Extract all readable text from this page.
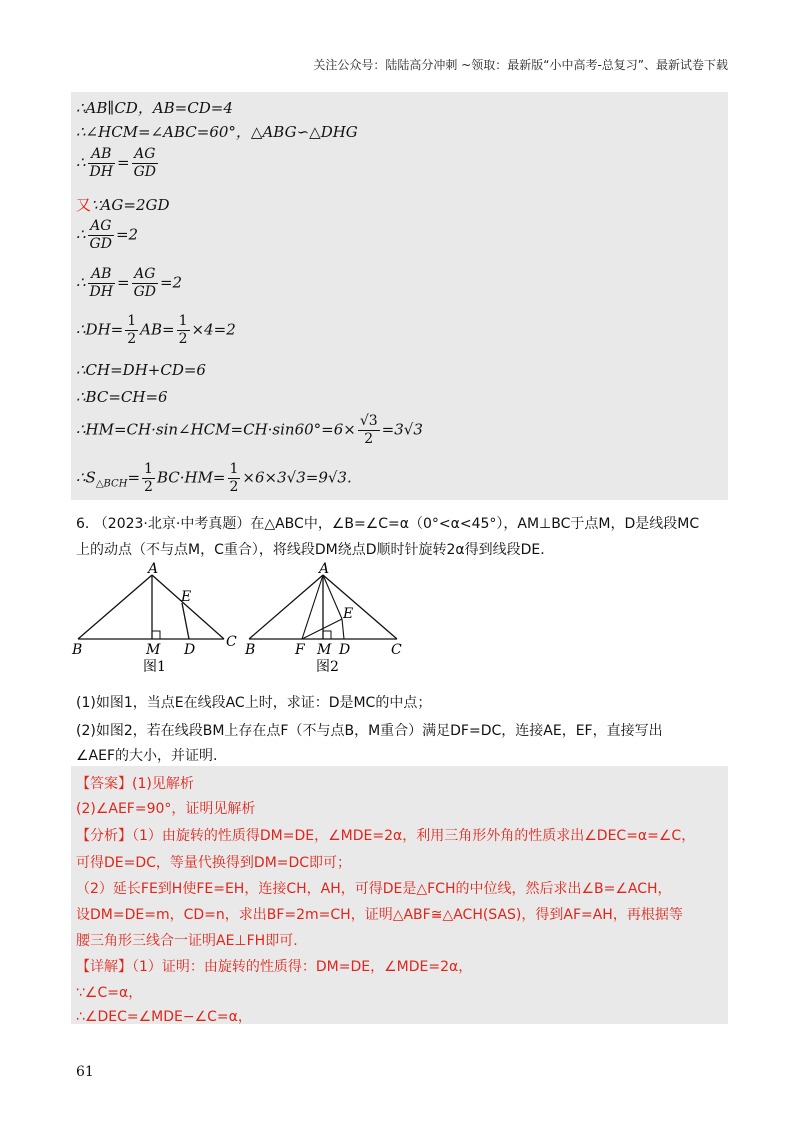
关注公众号：陆陆高分冲刺 ~领取：最新版“小中高考-总复习”、最新试卷下载
∴AB∥CD，AB=CD=4
∴∠HCM=∠ABC=60°，△ABG∽△DHG
∴ $\frac{AB}{DH} = \frac{AG}{GD}$
又∵AG=2GD
∴ $\frac{AG}{GD} =2$
∴ $\frac{AB}{DH} = \frac{AG}{GD} =2$
∴DH= $\frac{1}{2} AB= \frac{1}{2} \times 4=2$
∴CH=DH+CD=6
∴BC=CH=6
∴HM=CH·sin∠HCM=CH·sin60°=6× $\frac{√3}{2} =3√3$
$\therefore S_{\triangle BCH}= \frac{1}{2} BC\cdot HM= \frac{1}{2} \times 6\times 3√3=9√3$.
6. （2023·北京·中考真题）在△ABC中，∠B=∠C=α（0°<α<45°），AM⊥BC于点M，D是线段MC
上的动点（不与点M，C重合），将线段DM绕点D顺时针旋转2α得到线段DE.
A
B	C
M D
E
图1
A
B	C
F M D
E
图2
(1)如图1，当点E在线段AC上时，求证：D是MC的中点；
(2)如图2，若在线段BM上存在点F（不与点B，M重合）满足DF=DC，连接AE，EF，直接写出
∠AEF的大小，并证明.
【答案】(1)见解析
(2)∠AEF=90°，证明见解析
【分析】（1）由旋转的性质得DM=DE，∠MDE=2α，利用三角形外角的性质求出∠DEC=α=∠C，
可得DE=DC，等量代换得到DM=DC即可；
（2）延长FE到H使FE=EH，连接CH，AH，可得DE是△FCH的中位线，然后求出∠B=∠ACH，
设DM=DE=m，CD=n，求出BF=2m=CH，证明△ABF≅△ACH(SAS)，得到AF=AH，再根据等
腰三角形三线合一证明AE⊥FH即可.
【详解】（1）证明：由旋转的性质得：DM=DE，∠MDE=2α，
∵∠C=α，
∴∠DEC=∠MDE−∠C=α，
61
